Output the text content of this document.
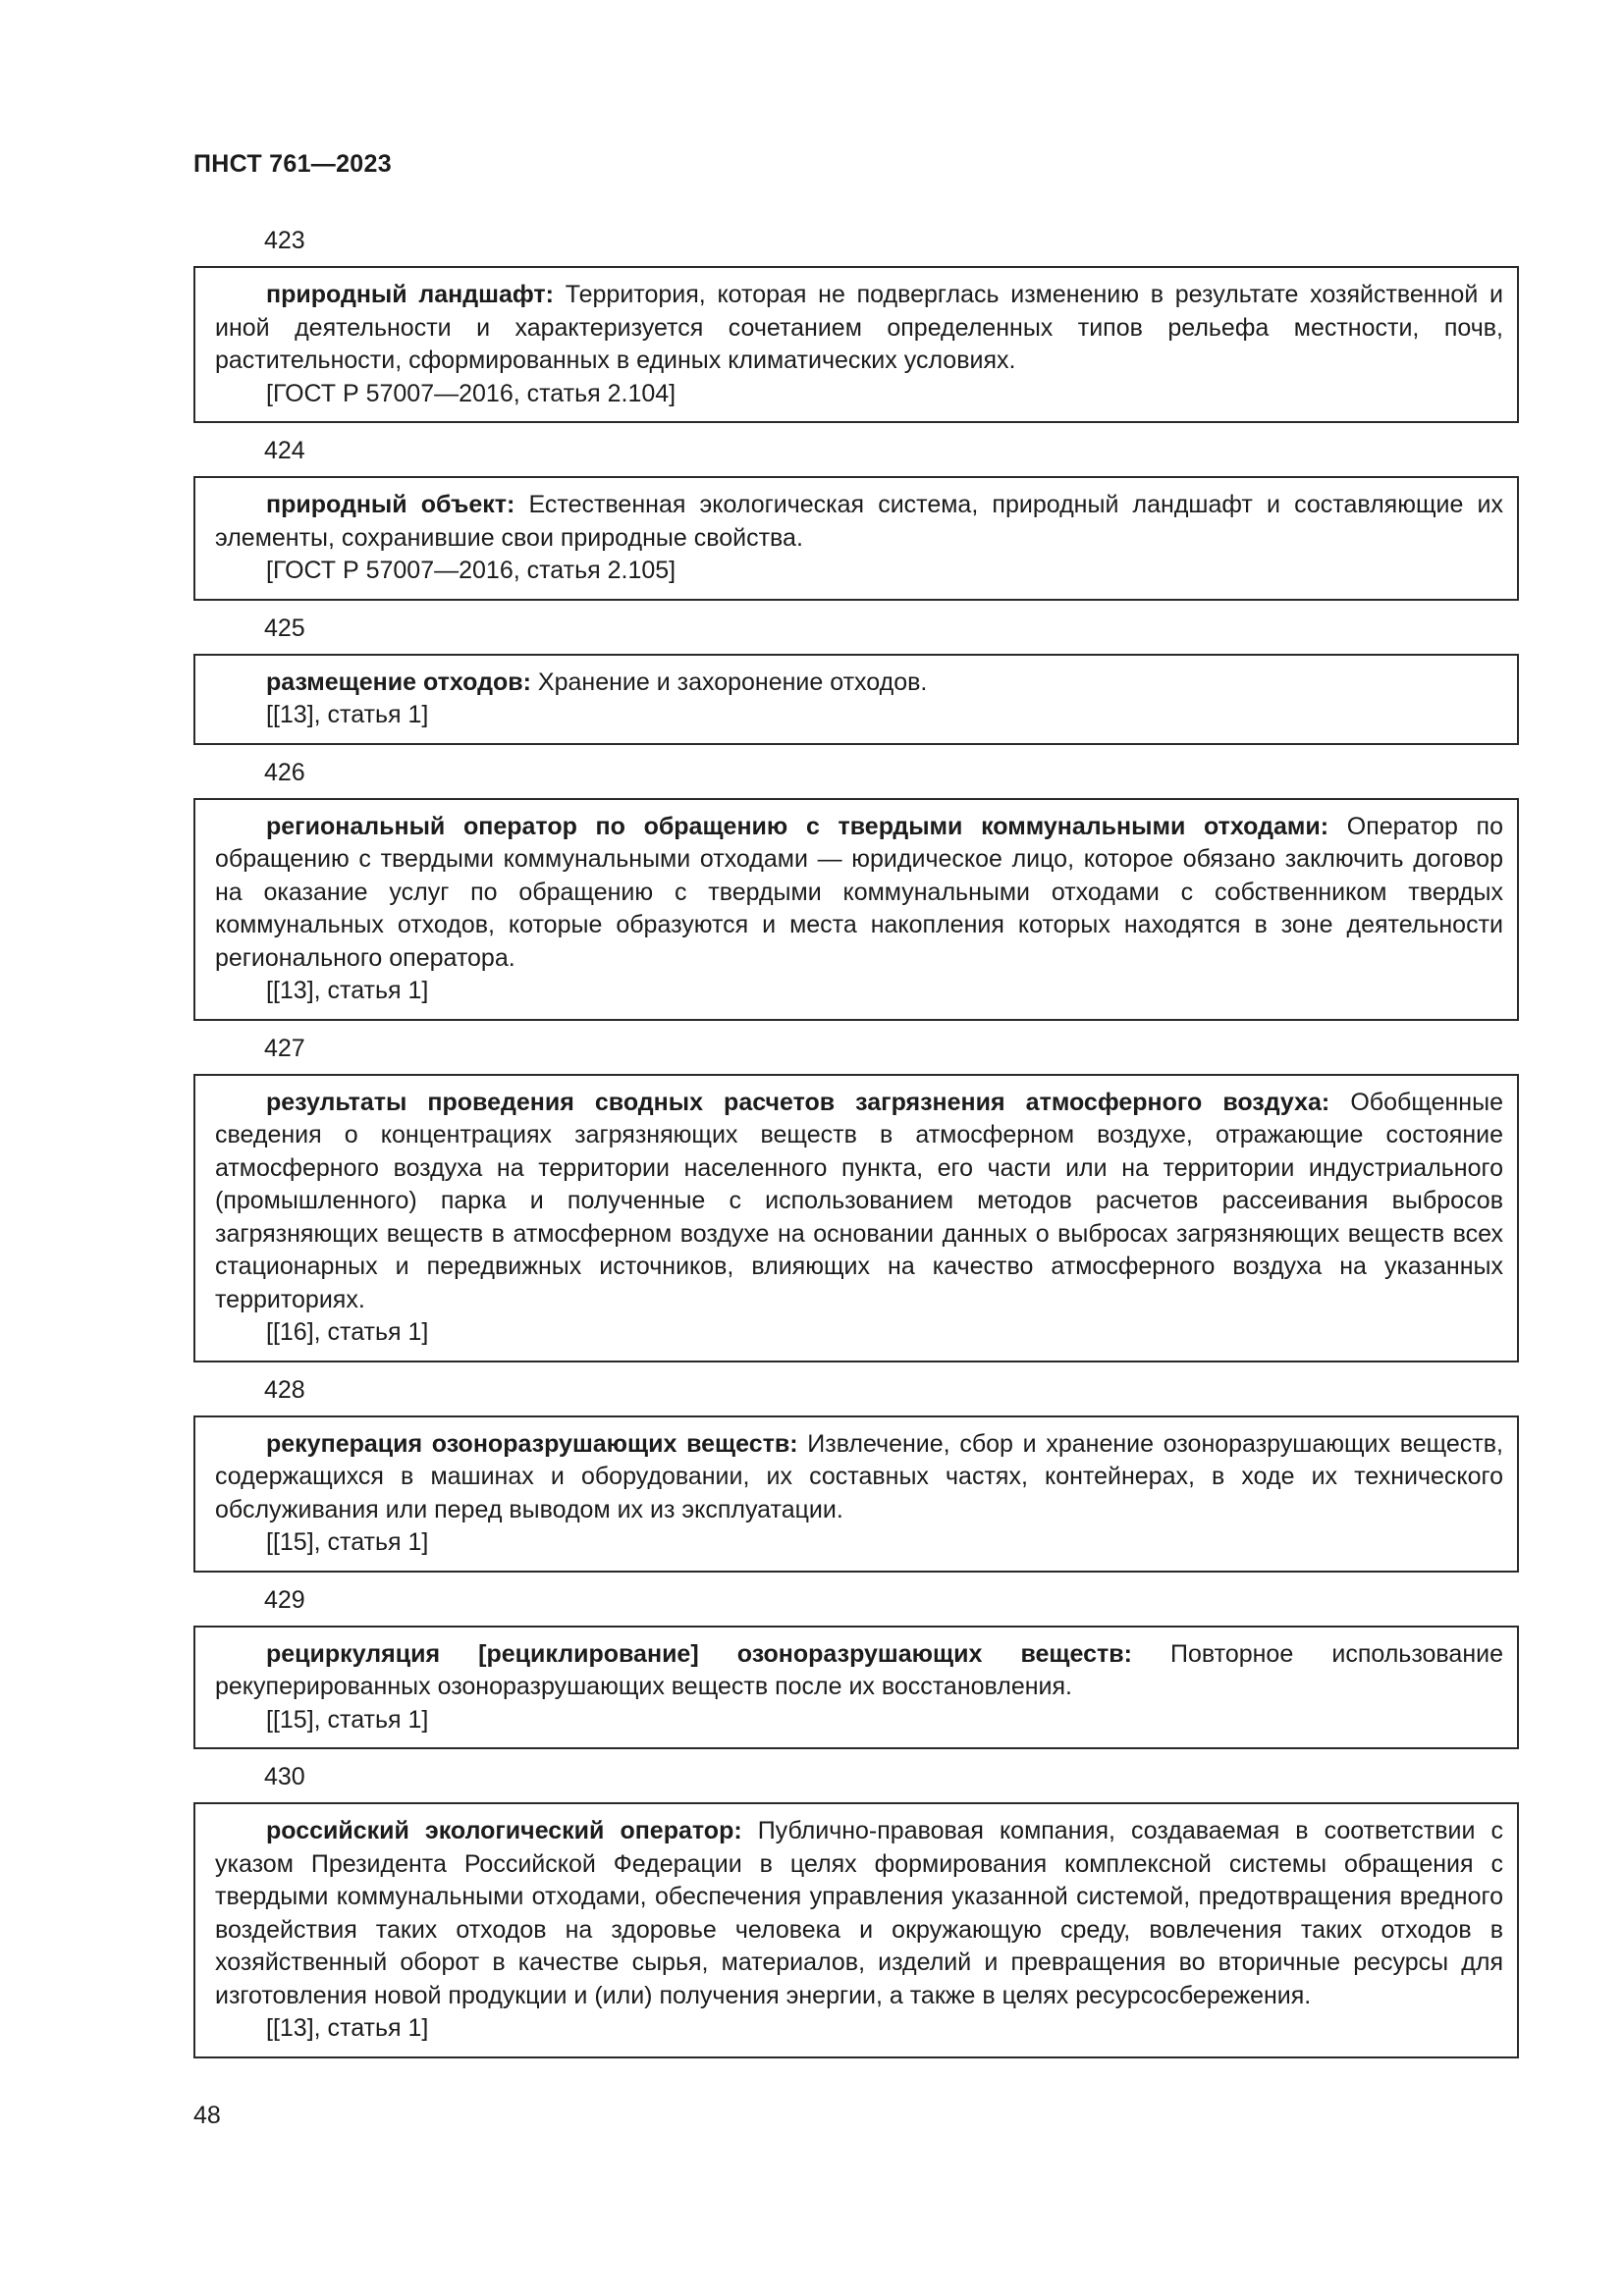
ПНСТ 761—2023
423
природный ландшафт: Территория, которая не подверглась изменению в результате хозяйственной и иной деятельности и характеризуется сочетанием определенных типов рельефа местности, почв, растительности, сформированных в единых климатических условиях.
[ГОСТ Р 57007—2016, статья 2.104]
424
природный объект: Естественная экологическая система, природный ландшафт и составляющие их элементы, сохранившие свои природные свойства.
[ГОСТ Р 57007—2016, статья 2.105]
425
размещение отходов: Хранение и захоронение отходов.
[[13], статья 1]
426
региональный оператор по обращению с твердыми коммунальными отходами: Оператор по обращению с твердыми коммунальными отходами — юридическое лицо, которое обязано заключить договор на оказание услуг по обращению с твердыми коммунальными отходами с собственником твердых коммунальных отходов, которые образуются и места накопления которых находятся в зоне деятельности регионального оператора.
[[13], статья 1]
427
результаты проведения сводных расчетов загрязнения атмосферного воздуха: Обобщенные сведения о концентрациях загрязняющих веществ в атмосферном воздухе, отражающие состояние атмосферного воздуха на территории населенного пункта, его части или на территории индустриального (промышленного) парка и полученные с использованием методов расчетов рассеивания выбросов загрязняющих веществ в атмосферном воздухе на основании данных о выбросах загрязняющих веществ всех стационарных и передвижных источников, влияющих на качество атмосферного воздуха на указанных территориях.
[[16], статья 1]
428
рекуперация озоноразрушающих веществ: Извлечение, сбор и хранение озоноразрушающих веществ, содержащихся в машинах и оборудовании, их составных частях, контейнерах, в ходе их технического обслуживания или перед выводом их из эксплуатации.
[[15], статья 1]
429
рециркуляция [рециклирование] озоноразрушающих веществ: Повторное использование рекуперированных озоноразрушающих веществ после их восстановления.
[[15], статья 1]
430
российский экологический оператор: Публично-правовая компания, создаваемая в соответствии с указом Президента Российской Федерации в целях формирования комплексной системы обращения с твердыми коммунальными отходами, обеспечения управления указанной системой, предотвращения вредного воздействия таких отходов на здоровье человека и окружающую среду, вовлечения таких отходов в хозяйственный оборот в качестве сырья, материалов, изделий и превращения во вторичные ресурсы для изготовления новой продукции и (или) получения энергии, а также в целях ресурсосбережения.
[[13], статья 1]
48
